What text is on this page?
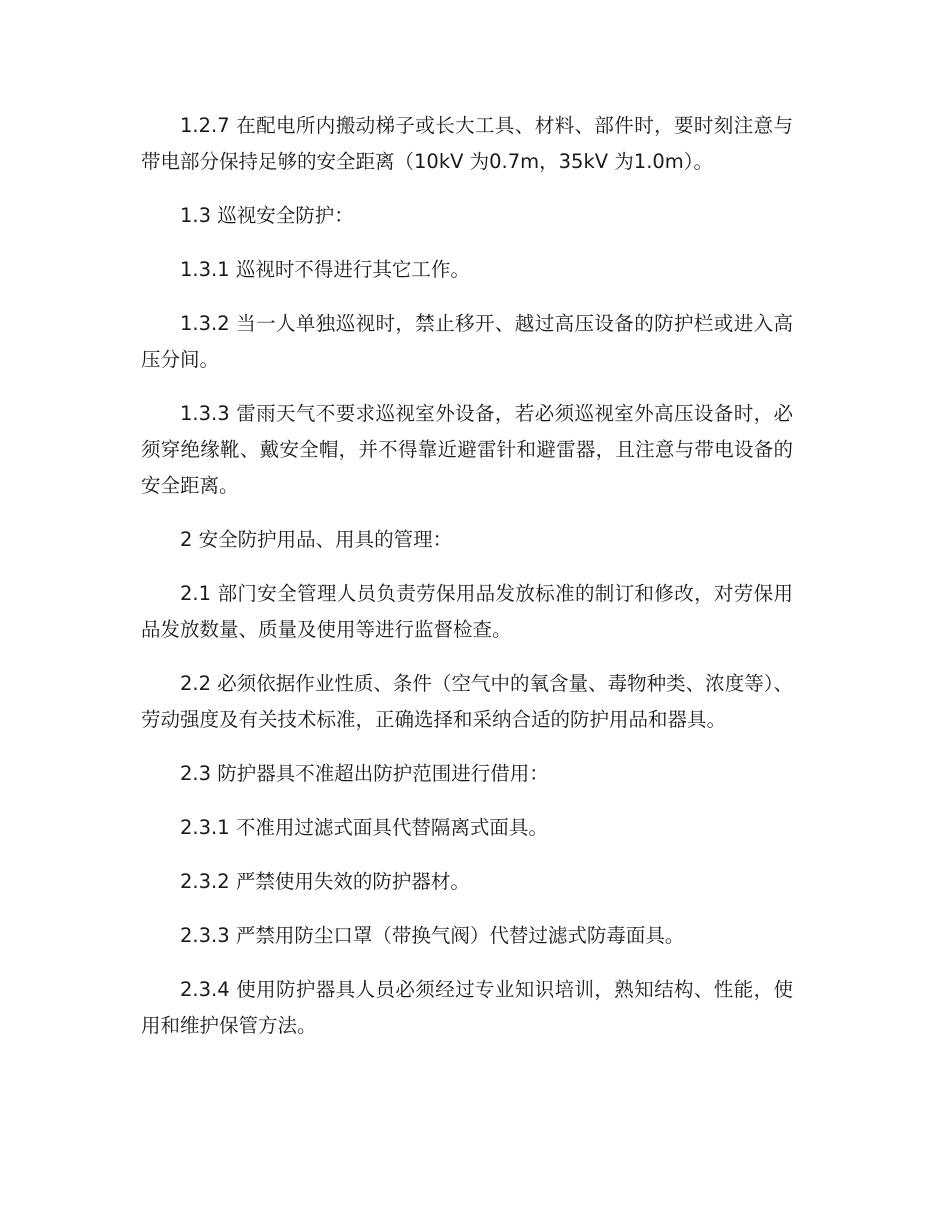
1.2.7 在配电所内搬动梯子或长大工具、材料、部件时，要时刻注意与带电部分保持足够的安全距离（10kV 为0.7m，35kV 为1.0m）。

1.3 巡视安全防护：

1.3.1 巡视时不得进行其它工作。

1.3.2 当一人单独巡视时，禁止移开、越过高压设备的防护栏或进入高压分间。

1.3.3 雷雨天气不要求巡视室外设备，若必须巡视室外高压设备时，必须穿绝缘靴、戴安全帽，并不得靠近避雷针和避雷器，且注意与带电设备的安全距离。

2 安全防护用品、用具的管理：

2.1 部门安全管理人员负责劳保用品发放标准的制订和修改，对劳保用品发放数量、质量及使用等进行监督检查。

2.2 必须依据作业性质、条件（空气中的氧含量、毒物种类、浓度等）、劳动强度及有关技术标准，正确选择和采纳合适的防护用品和器具。

2.3 防护器具不准超出防护范围进行借用：

2.3.1 不准用过滤式面具代替隔离式面具。

2.3.2 严禁使用失效的防护器材。

2.3.3 严禁用防尘口罩（带换气阀）代替过滤式防毒面具。

2.3.4 使用防护器具人员必须经过专业知识培训，熟知结构、性能，使用和维护保管方法。
